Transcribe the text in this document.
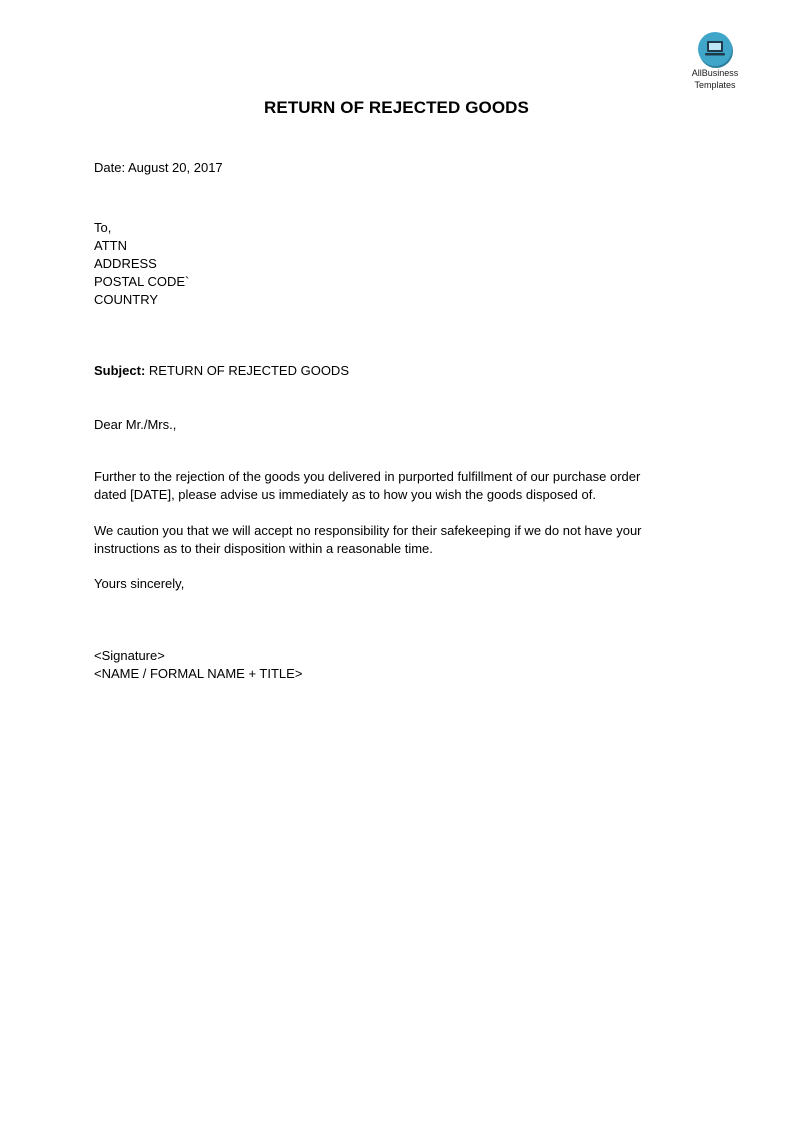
AllBusiness
Templates
RETURN OF REJECTED GOODS
Date: August 20, 2017
To,
ATTN
ADDRESS
POSTAL CODE`
COUNTRY
Subject: RETURN OF REJECTED GOODS
Dear Mr./Mrs.,
Further to the rejection of the goods you delivered in purported fulfillment of our purchase order
dated [DATE], please advise us immediately as to how you wish the goods disposed of.
We caution you that we will accept no responsibility for their safekeeping if we do not have your
instructions as to their disposition within a reasonable time.
Yours sincerely,
<Signature>
<NAME / FORMAL NAME + TITLE>
